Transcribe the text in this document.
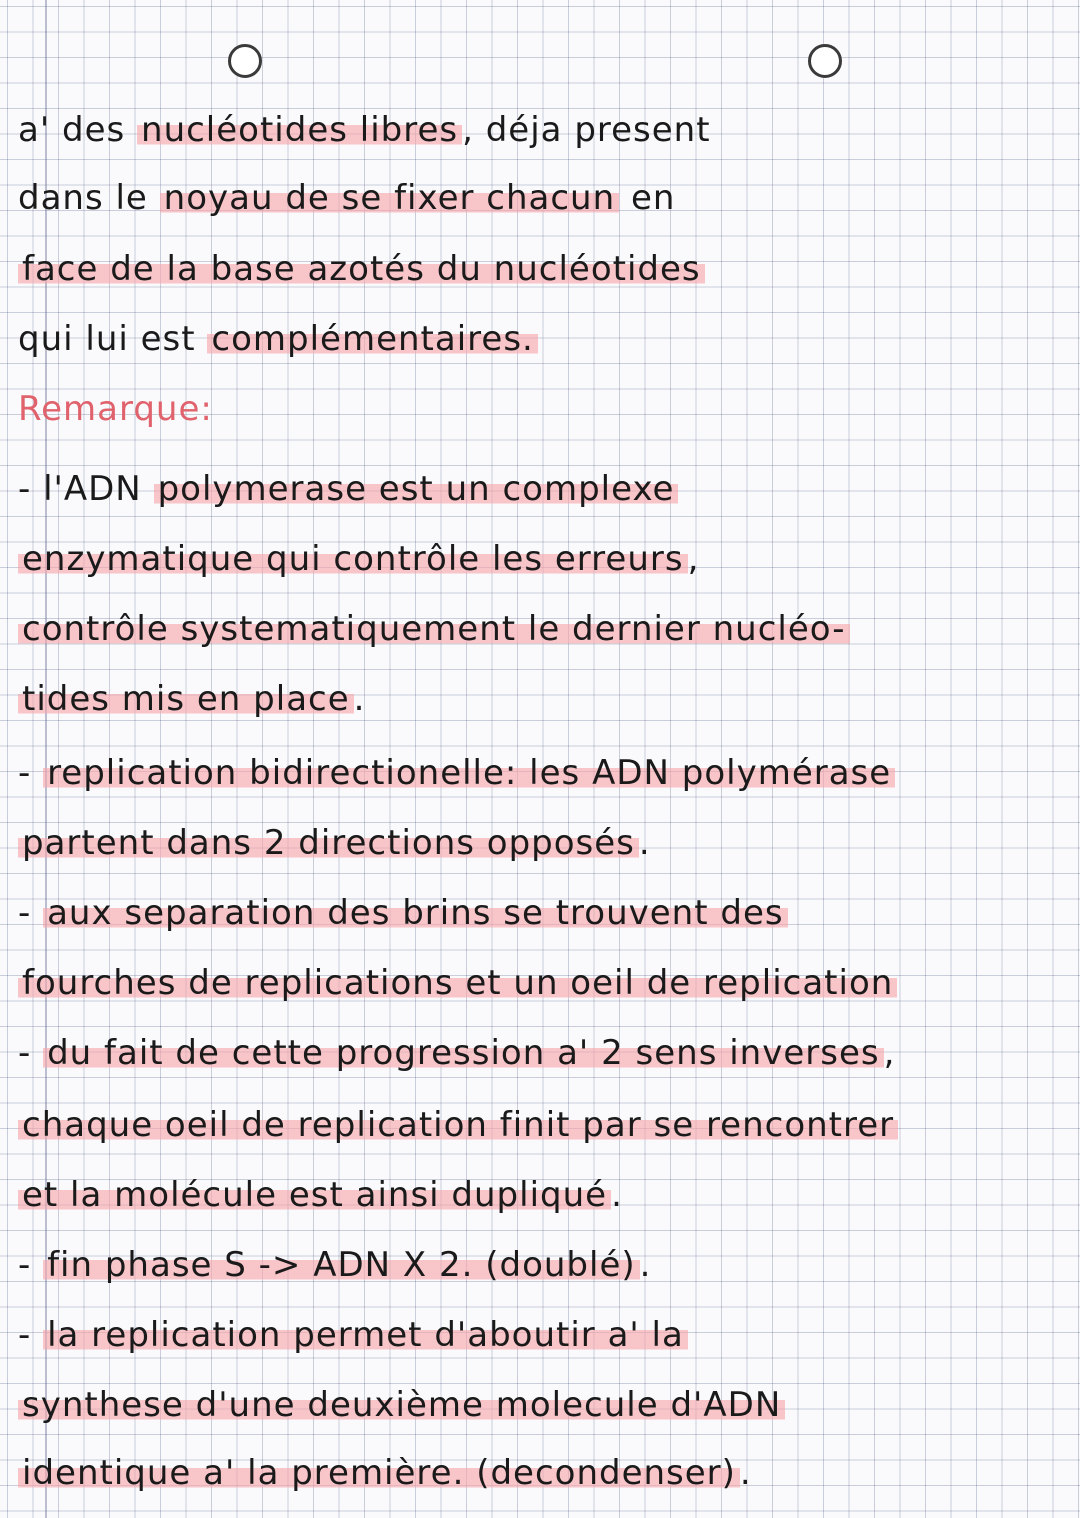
a' des nucléotides libres , déja present
dans le noyau de se fixer chacun en
face de la base azotés du nucléotides
qui lui est complémentaires.
Remarque:
- l'ADN polymerase est un complexe
enzymatique qui contrôle les erreurs ,
contrôle systematiquement le dernier nucléo-
tides mis en place .
- replication bidirectionelle: les ADN polymérase
partent dans 2 directions opposés .
- aux separation des brins se trouvent des
fourches de replications et un oeil de replication
- du fait de cette progression a' 2 sens inverses ,
chaque oeil de replication finit par se rencontrer
et la molécule est ainsi dupliqué .
- fin phase S -> ADN X 2. (doublé) .
- la replication permet d'aboutir a' la
synthese d'une deuxième molecule d'ADN
identique a' la première. (decondenser) .
